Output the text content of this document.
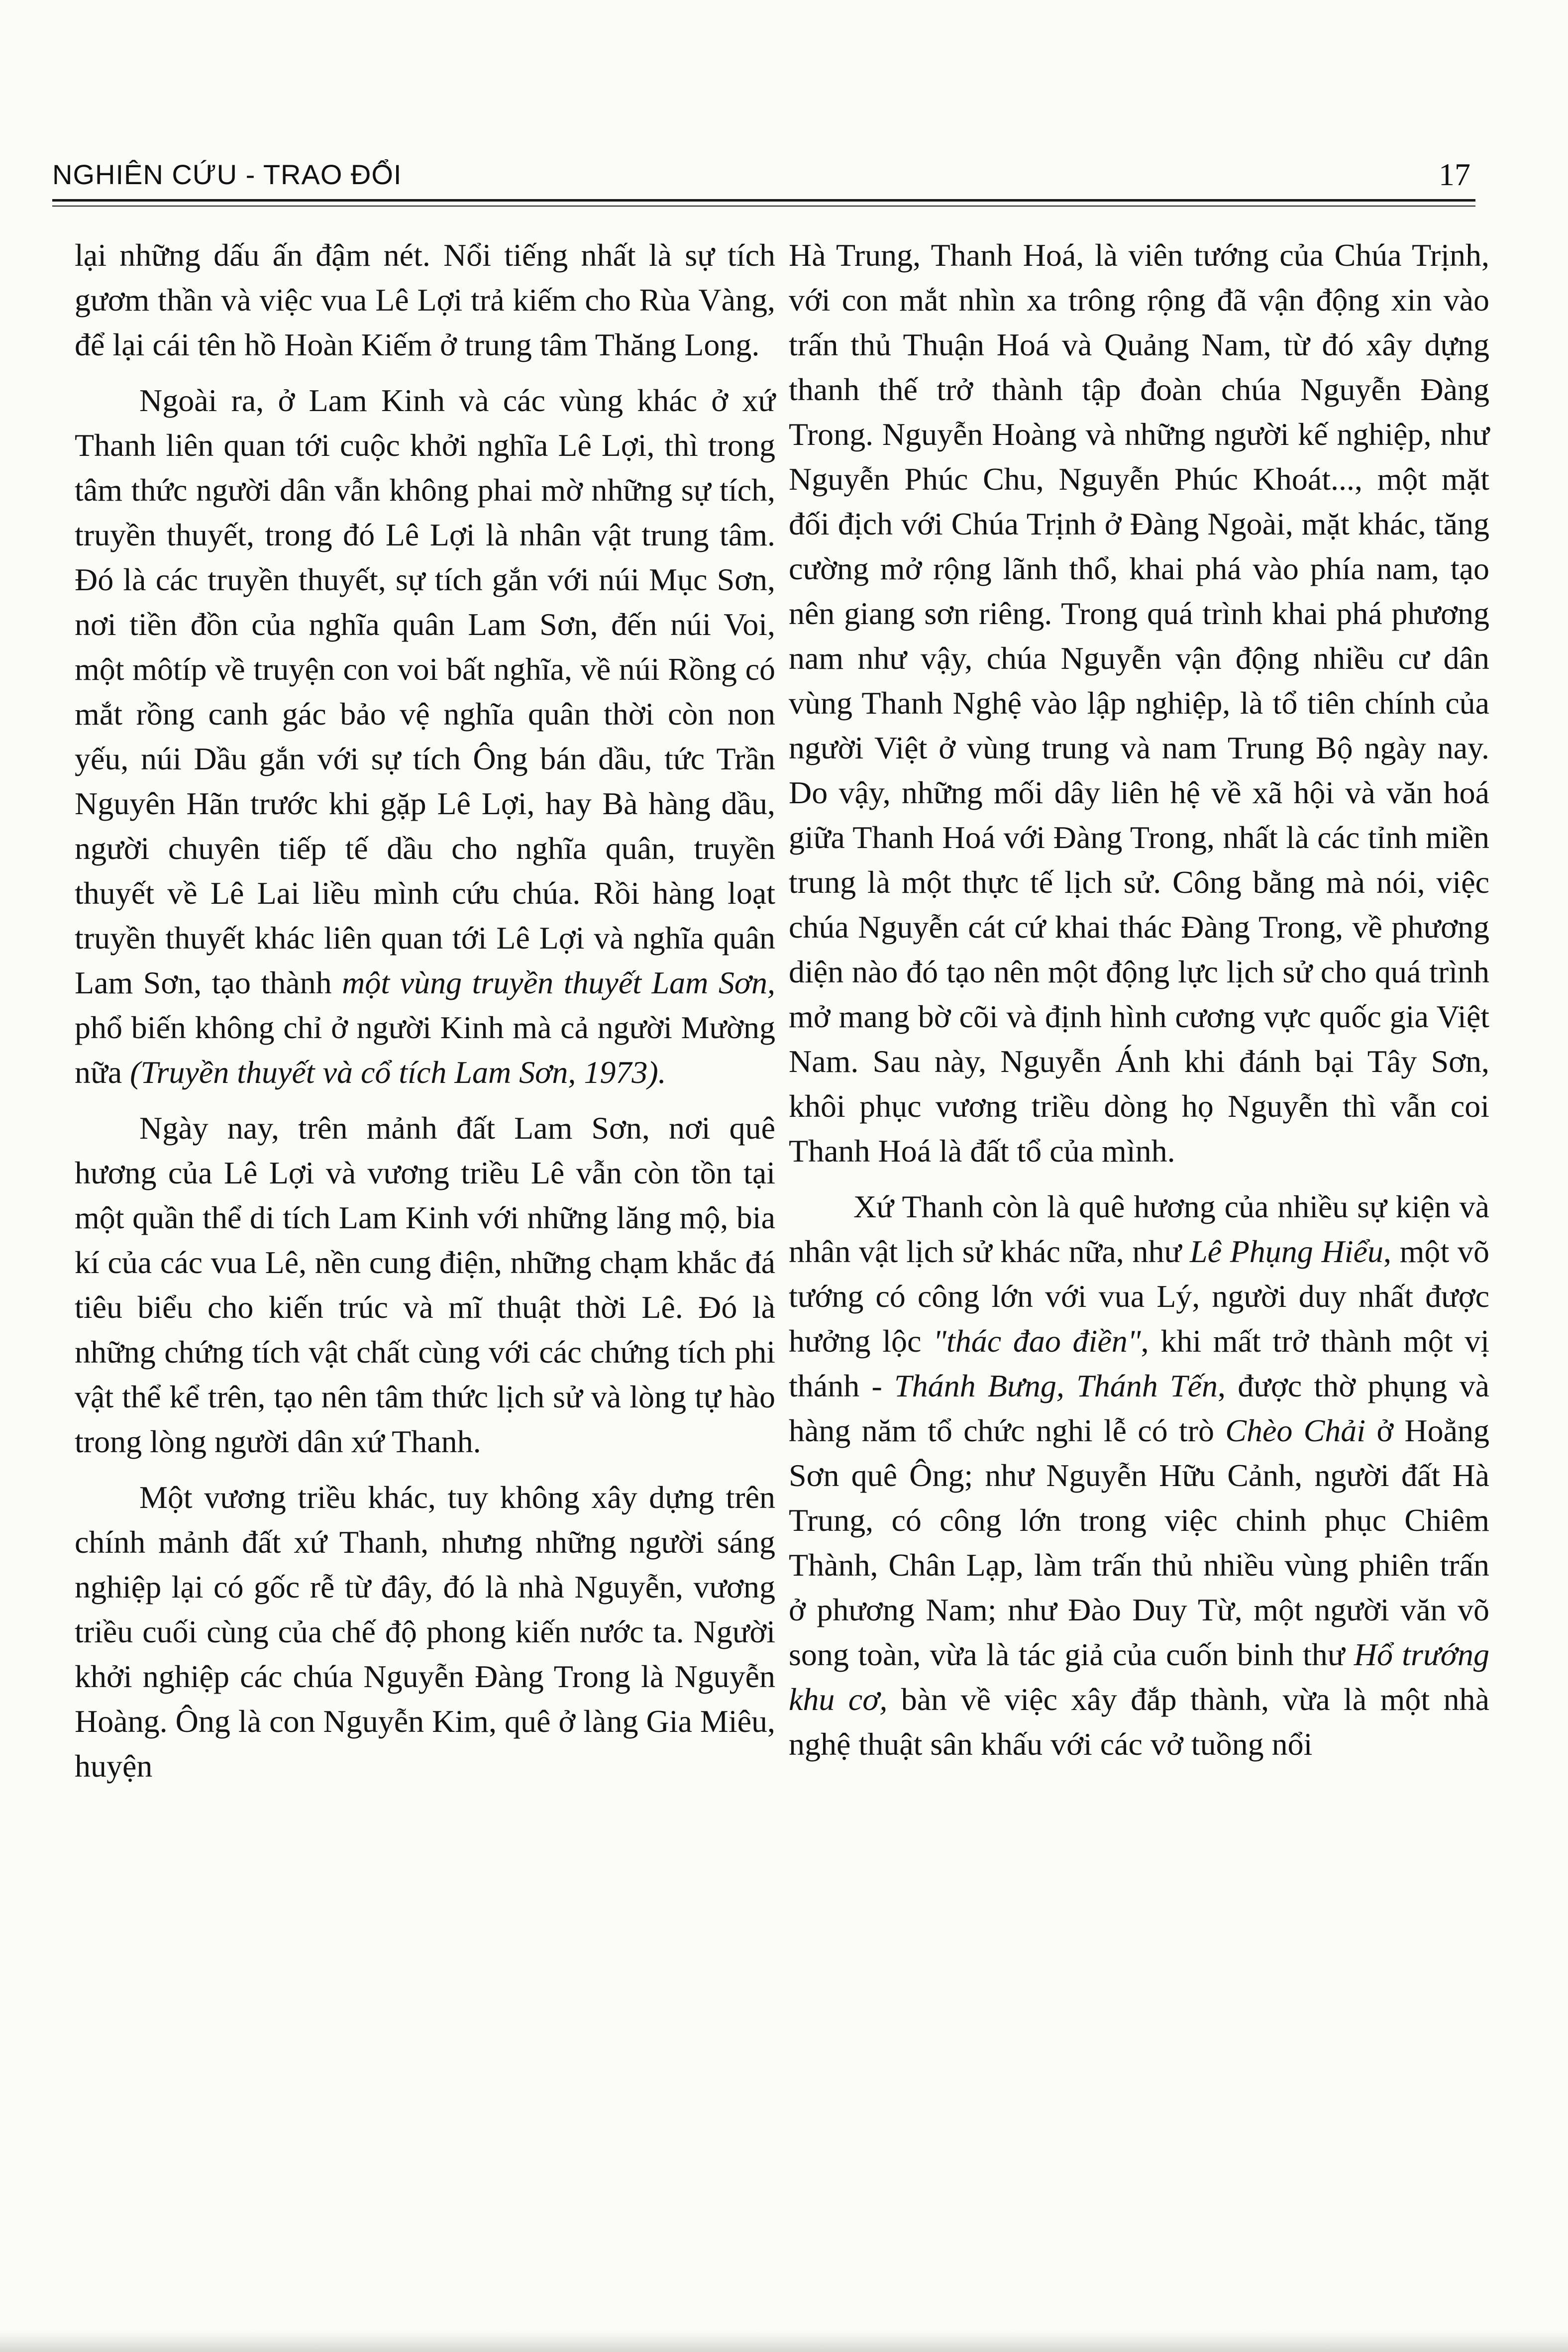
NGHIÊN CỨU - TRAO ĐỔI	17

lại những dấu ấn đậm nét. Nổi tiếng nhất là sự tích gươm thần và việc vua Lê Lợi trả kiếm cho Rùa Vàng, để lại cái tên hồ Hoàn Kiếm ở trung tâm Thăng Long.

Ngoài ra, ở Lam Kinh và các vùng khác ở xứ Thanh liên quan tới cuộc khởi nghĩa Lê Lợi, thì trong tâm thức người dân vẫn không phai mờ những sự tích, truyền thuyết, trong đó Lê Lợi là nhân vật trung tâm. Đó là các truyền thuyết, sự tích gắn với núi Mục Sơn, nơi tiền đồn của nghĩa quân Lam Sơn, đến núi Voi, một môtíp về truyện con voi bất nghĩa, về núi Rồng có mắt rồng canh gác bảo vệ nghĩa quân thời còn non yếu, núi Dầu gắn với sự tích Ông bán dầu, tức Trần Nguyên Hãn trước khi gặp Lê Lợi, hay Bà hàng dầu, người chuyên tiếp tế dầu cho nghĩa quân, truyền thuyết về Lê Lai liều mình cứu chúa. Rồi hàng loạt truyền thuyết khác liên quan tới Lê Lợi và nghĩa quân Lam Sơn, tạo thành một vùng truyền thuyết Lam Sơn, phổ biến không chỉ ở người Kinh mà cả người Mường nữa (Truyền thuyết và cổ tích Lam Sơn, 1973).

Ngày nay, trên mảnh đất Lam Sơn, nơi quê hương của Lê Lợi và vương triều Lê vẫn còn tồn tại một quần thể di tích Lam Kinh với những lăng mộ, bia kí của các vua Lê, nền cung điện, những chạm khắc đá tiêu biểu cho kiến trúc và mĩ thuật thời Lê. Đó là những chứng tích vật chất cùng với các chứng tích phi vật thể kể trên, tạo nên tâm thức lịch sử và lòng tự hào trong lòng người dân xứ Thanh.

Một vương triều khác, tuy không xây dựng trên chính mảnh đất xứ Thanh, nhưng những người sáng nghiệp lại có gốc rễ từ đây, đó là nhà Nguyễn, vương triều cuối cùng của chế độ phong kiến nước ta. Người khởi nghiệp các chúa Nguyễn Đàng Trong là Nguyễn Hoàng. Ông là con Nguyễn Kim, quê ở làng Gia Miêu, huyện

Hà Trung, Thanh Hoá, là viên tướng của Chúa Trịnh, với con mắt nhìn xa trông rộng đã vận động xin vào trấn thủ Thuận Hoá và Quảng Nam, từ đó xây dựng thanh thế trở thành tập đoàn chúa Nguyễn Đàng Trong. Nguyễn Hoàng và những người kế nghiệp, như Nguyễn Phúc Chu, Nguyễn Phúc Khoát..., một mặt đối địch với Chúa Trịnh ở Đàng Ngoài, mặt khác, tăng cường mở rộng lãnh thổ, khai phá vào phía nam, tạo nên giang sơn riêng. Trong quá trình khai phá phương nam như vậy, chúa Nguyễn vận động nhiều cư dân vùng Thanh Nghệ vào lập nghiệp, là tổ tiên chính của người Việt ở vùng trung và nam Trung Bộ ngày nay. Do vậy, những mối dây liên hệ về xã hội và văn hoá giữa Thanh Hoá với Đàng Trong, nhất là các tỉnh miền trung là một thực tế lịch sử. Công bằng mà nói, việc chúa Nguyễn cát cứ khai thác Đàng Trong, về phương diện nào đó tạo nên một động lực lịch sử cho quá trình mở mang bờ cõi và định hình cương vực quốc gia Việt Nam. Sau này, Nguyễn Ánh khi đánh bại Tây Sơn, khôi phục vương triều dòng họ Nguyễn thì vẫn coi Thanh Hoá là đất tổ của mình.

Xứ Thanh còn là quê hương của nhiều sự kiện và nhân vật lịch sử khác nữa, như Lê Phụng Hiểu, một võ tướng có công lớn với vua Lý, người duy nhất được hưởng lộc "thác đao điền", khi mất trở thành một vị thánh - Thánh Bưng, Thánh Tến, được thờ phụng và hàng năm tổ chức nghi lễ có trò Chèo Chải ở Hoằng Sơn quê Ông; như Nguyễn Hữu Cảnh, người đất Hà Trung, có công lớn trong việc chinh phục Chiêm Thành, Chân Lạp, làm trấn thủ nhiều vùng phiên trấn ở phương Nam; như Đào Duy Từ, một người văn võ song toàn, vừa là tác giả của cuốn binh thư Hổ trướng khu cơ, bàn về việc xây đắp thành, vừa là một nhà nghệ thuật sân khấu với các vở tuồng nổi
